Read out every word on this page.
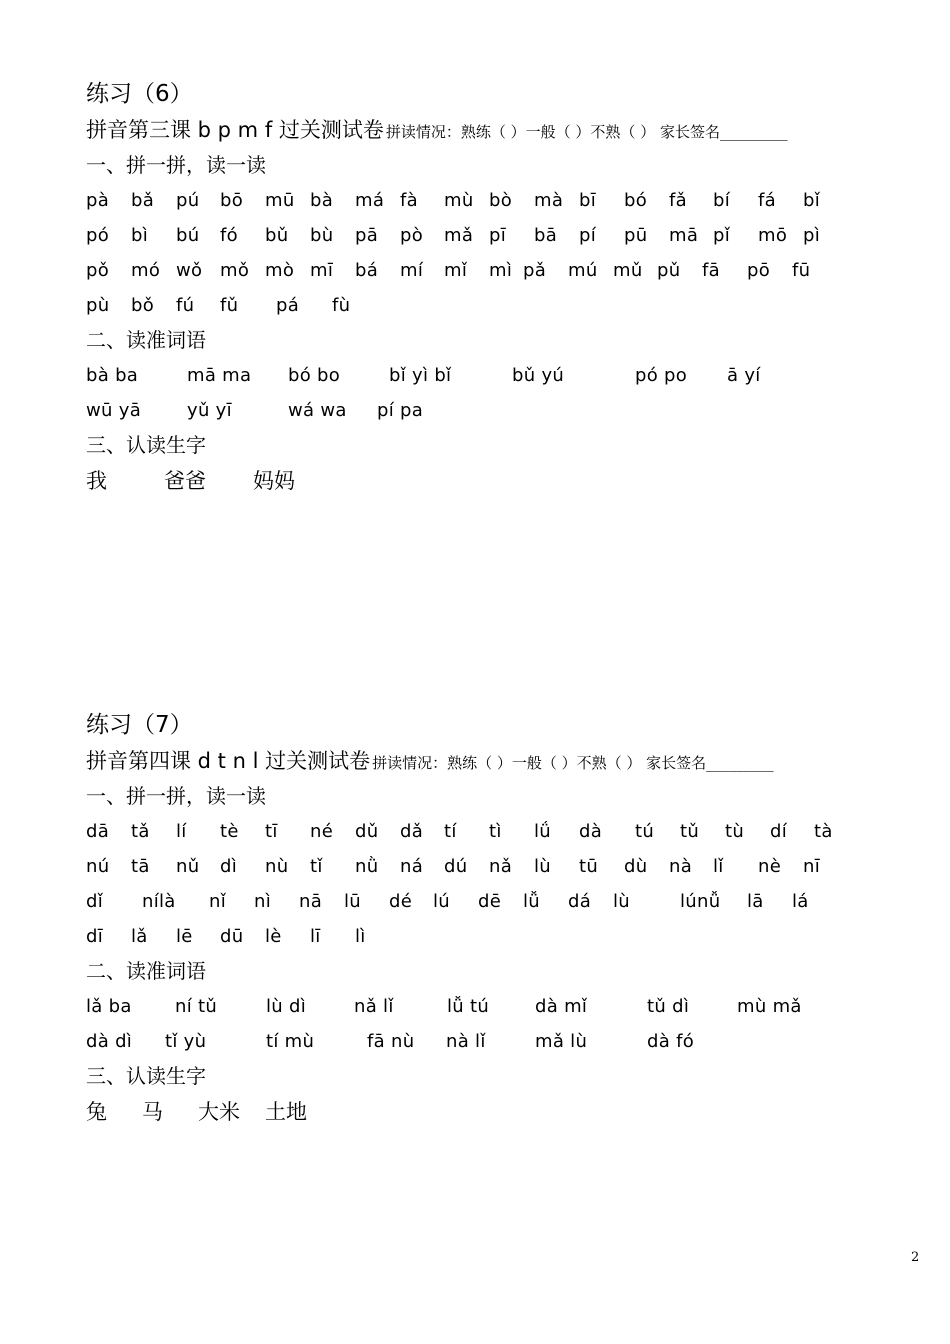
练习（6）
拼音第三课 b p m f 过关测试卷 拼读情况：熟练（ ）一般（ ）不熟（ ） 家长签名_________
一、拼一拼，读一读
pà bǎ pú bō mū bà má fà mù bò mà bī bó fǎ bí fá bǐ
pó bì bú fó bǔ bù pā pò mǎ pī bā pí pū mā pǐ mō pì
pǒ mó wǒ mǒ mò mī bá mí mǐ mì pǎ mú mǔ pǔ fā pō fū
pù bǒ fú fǔ pá fù
二、读准词语
bà ba	mā ma bó bo	bǐ yì bǐ	bǔ yú	pó po ā yí
wū yā	yǔ yī	wá wa pí pa
三、认读生字
我	爸爸 妈妈
练习（7）
拼音第四课 d t n l 过关测试卷 拼读情况：熟练（ ）一般（ ）不熟（ ） 家长签名_________
一、拼一拼，读一读
dā tǎ lí tè tī né dǔ dǎ tí tì lǘ dà tú tǔ tù dí tà
nú tā nǔ dì nù tǐ nǜ ná dú nǎ lù tū dù nà lǐ nè nī
dǐ nílà nǐ nì nā lū dé lú dē lǚ dá lù	lúnǚ lā lá
dī lǎ lē dū lè lī lì
二、读准词语
lǎ ba ní tǔ	lù dì	nǎ lǐ	lǚ tú	dà mǐ	tǔ dì	mù mǎ
dà dì tǐ yù	tí mù	fā nù nà lǐ	mǎ lù	dà fó
三、认读生字
兔 马 大米 土地
2
